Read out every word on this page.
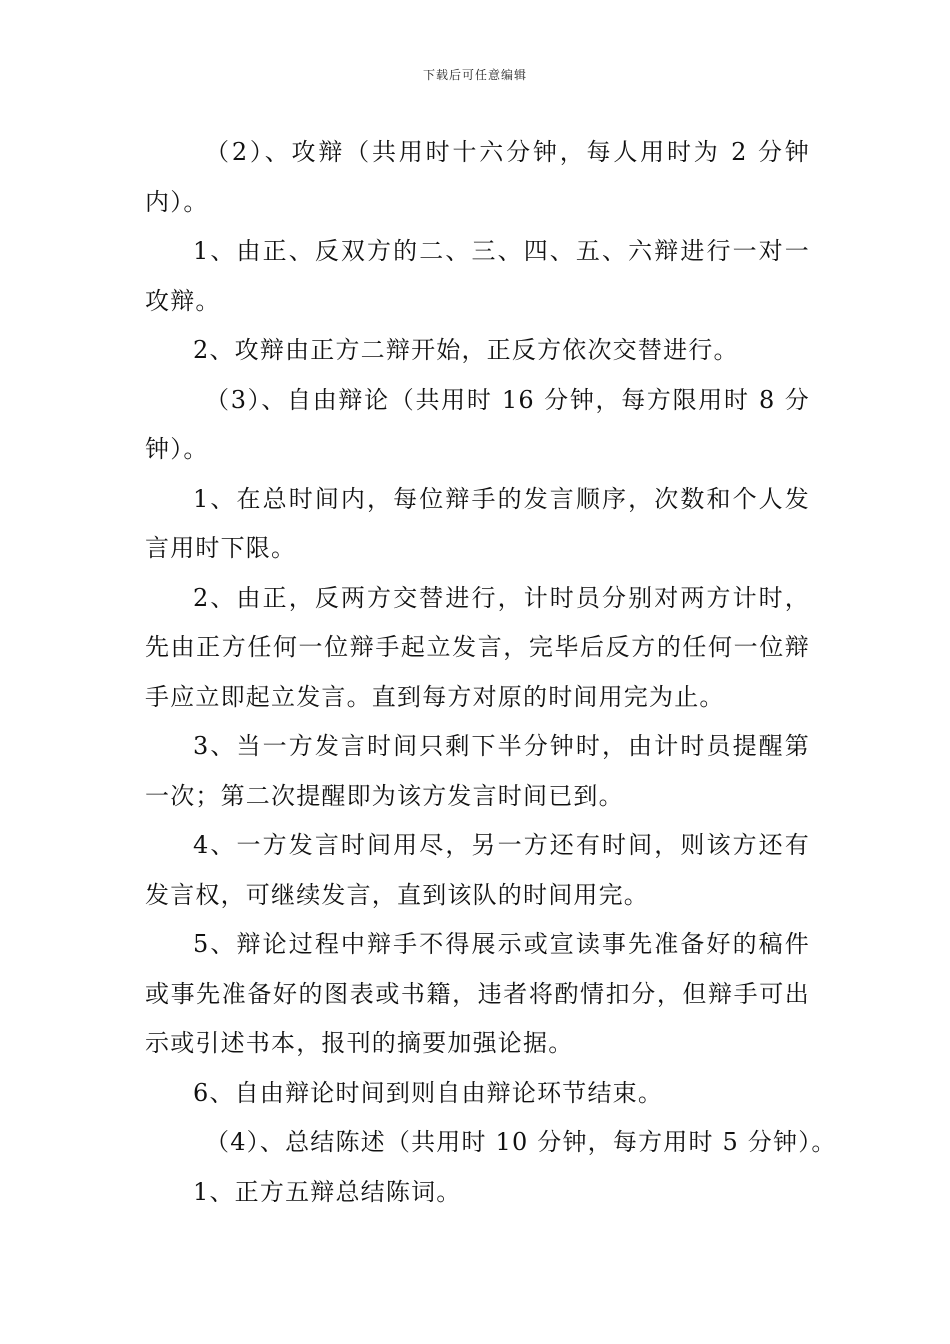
下载后可任意编辑

（2）、攻辩（共用时十六分钟，每人用时为 2 分钟内）。

1、由正、反双方的二、三、四、五、六辩进行一对一攻辩。

2、攻辩由正方二辩开始，正反方依次交替进行。

（3）、自由辩论（共用时 16 分钟，每方限用时 8 分钟）。

1、在总时间内，每位辩手的发言顺序，次数和个人发言用时下限。

2、由正，反两方交替进行，计时员分别对两方计时，先由正方任何一位辩手起立发言，完毕后反方的任何一位辩手应立即起立发言。直到每方对原的时间用完为止。

3、当一方发言时间只剩下半分钟时，由计时员提醒第一次；第二次提醒即为该方发言时间已到。

4、一方发言时间用尽，另一方还有时间，则该方还有发言权，可继续发言，直到该队的时间用完。

5、辩论过程中辩手不得展示或宣读事先准备好的稿件或事先准备好的图表或书籍，违者将酌情扣分，但辩手可出示或引述书本，报刊的摘要加强论据。

6、自由辩论时间到则自由辩论环节结束。

（4）、总结陈述（共用时 10 分钟，每方用时 5 分钟）。

1、正方五辩总结陈词。
